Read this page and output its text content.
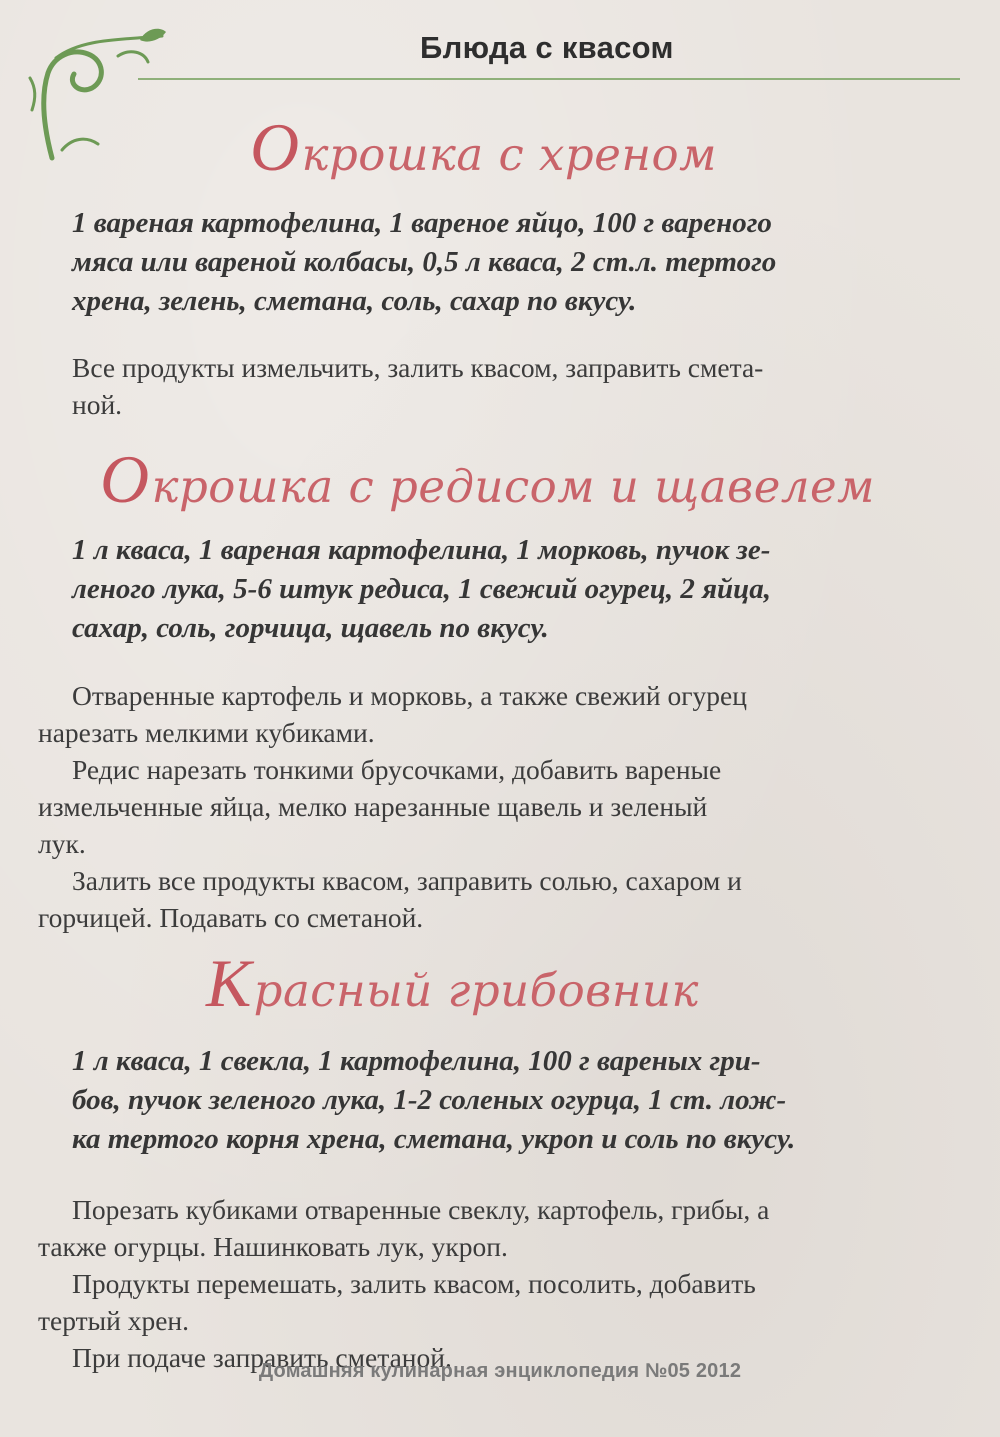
Блюда с квасом
Окрошка с хреном
1 вареная картофелина, 1 вареное яйцо, 100 г вареного
мяса или вареной колбасы, 0,5 л кваса, 2 ст.л. тертого
хрена, зелень, сметана, соль, сахар по вкусу.
Все продукты измельчить, залить квасом, заправить смета-
ной.
Окрошка с редисом и щавелем
1 л кваса, 1 вареная картофелина, 1 морковь, пучок зе-
леного лука, 5-6 штук редиса, 1 свежий огурец, 2 яйца,
сахар, соль, горчица, щавель по вкусу.
Отваренные картофель и морковь, а также свежий огурец
нарезать мелкими кубиками.
Редис нарезать тонкими брусочками, добавить вареные
измельченные яйца, мелко нарезанные щавель и зеленый
лук.
Залить все продукты квасом, заправить солью, сахаром и
горчицей. Подавать со сметаной.
Красный грибовник
1 л кваса, 1 свекла, 1 картофелина, 100 г вареных гри-
бов, пучок зеленого лука, 1-2 соленых огурца, 1 ст. лож-
ка тертого корня хрена, сметана, укроп и соль по вкусу.
Порезать кубиками отваренные свеклу, картофель, грибы, а
также огурцы. Нашинковать лук, укроп.
Продукты перемешать, залить квасом, посолить, добавить
тертый хрен.
При подаче заправить сметаной.
Домашняя кулинарная энциклопедия №05 2012
